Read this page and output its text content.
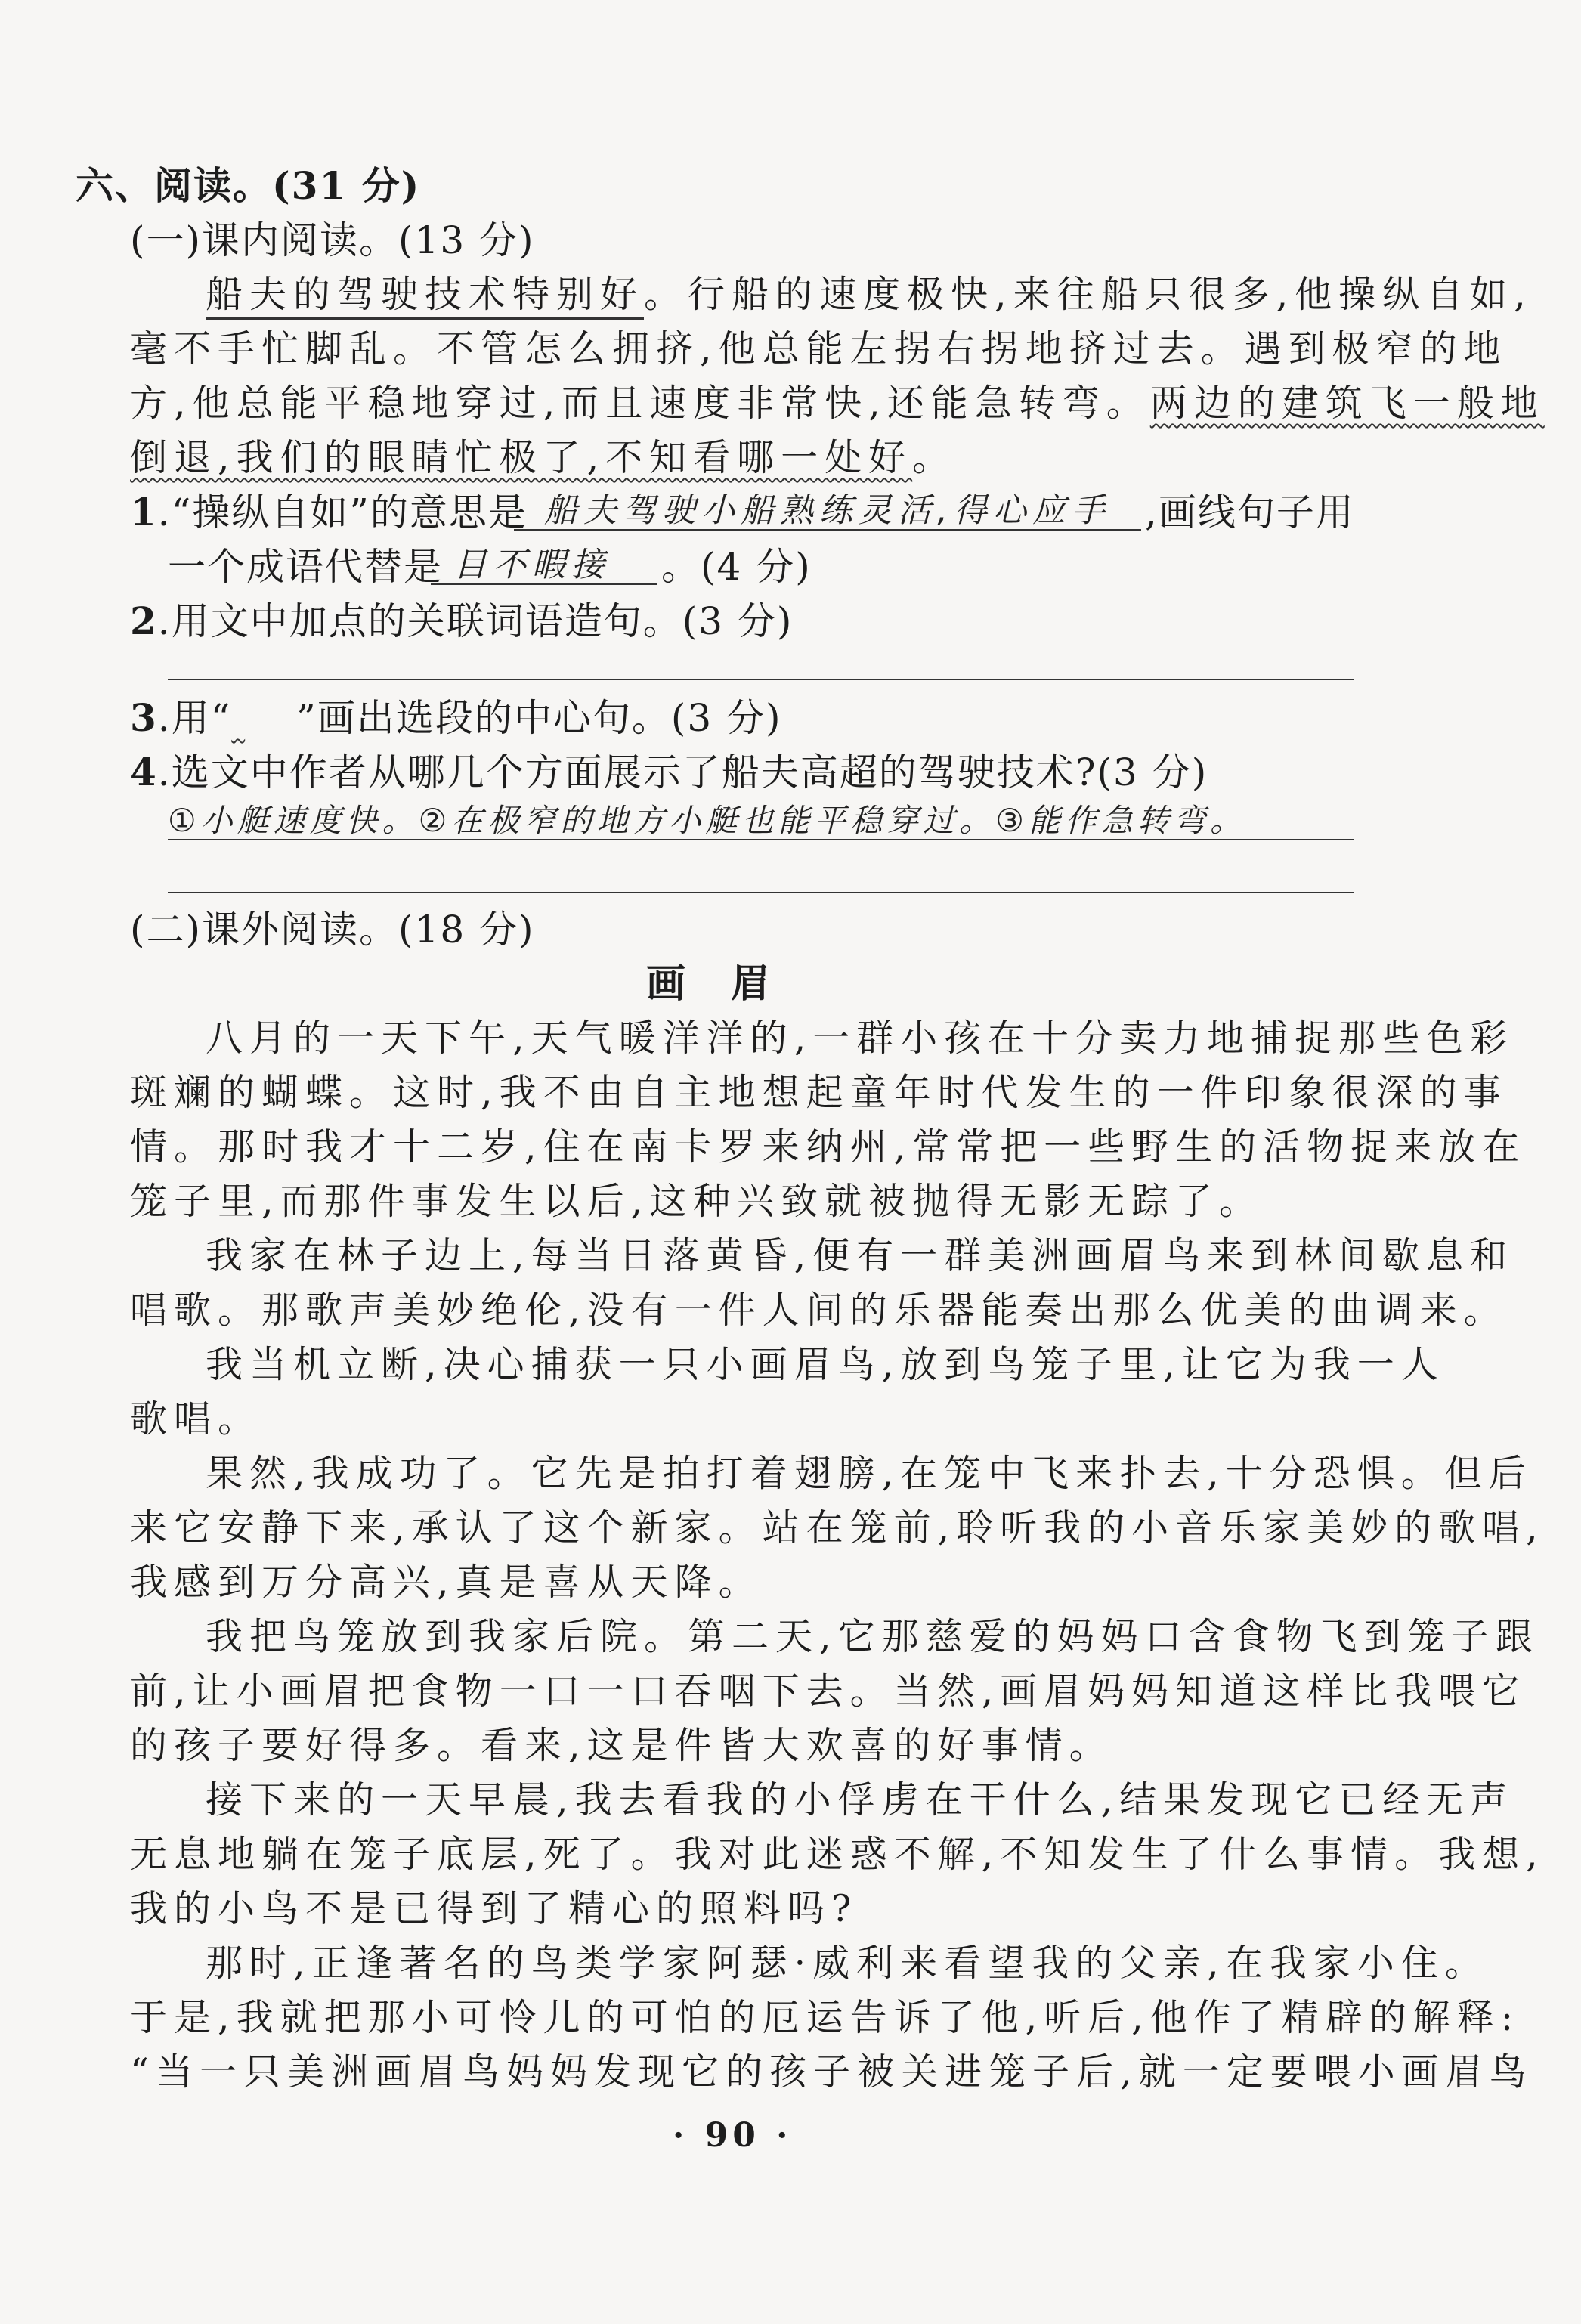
六、阅读。(31 分)
(一)课内阅读。(13 分)
船夫的驾驶技术特别好。行船的速度极快,来往船只很多,他操纵自如,
毫不手忙脚乱。不管怎么拥挤,他总能左拐右拐地挤过去。遇到极窄的地
方,他总能平稳地穿过,而且速度非常快,还能急转弯。两边的建筑飞一般地
倒退,我们的眼睛忙极了,不知看哪一处好。
1.“操纵自如”的意思是 船夫驾驶小船熟练灵活,得心应手 ,画线句子用
一个成语代替是 目不暇接 。(4 分)
2.用文中加点的关联词语造句。(3 分)
3.用“ ”画出选段的中心句。(3 分)
4.选文中作者从哪几个方面展示了船夫高超的驾驶技术?(3 分)
①小艇速度快。②在极窄的地方小艇也能平稳穿过。③能作急转弯。
(二)课外阅读。(18 分)
画眉
八月的一天下午,天气暖洋洋的,一群小孩在十分卖力地捕捉那些色彩
斑斓的蝴蝶。这时,我不由自主地想起童年时代发生的一件印象很深的事
情。那时我才十二岁,住在南卡罗来纳州,常常把一些野生的活物捉来放在
笼子里,而那件事发生以后,这种兴致就被抛得无影无踪了。
我家在林子边上,每当日落黄昏,便有一群美洲画眉鸟来到林间歇息和
唱歌。那歌声美妙绝伦,没有一件人间的乐器能奏出那么优美的曲调来。
我当机立断,决心捕获一只小画眉鸟,放到鸟笼子里,让它为我一人
歌唱。
果然,我成功了。它先是拍打着翅膀,在笼中飞来扑去,十分恐惧。但后
来它安静下来,承认了这个新家。站在笼前,聆听我的小音乐家美妙的歌唱,
我感到万分高兴,真是喜从天降。
我把鸟笼放到我家后院。第二天,它那慈爱的妈妈口含食物飞到笼子跟
前,让小画眉把食物一口一口吞咽下去。当然,画眉妈妈知道这样比我喂它
的孩子要好得多。看来,这是件皆大欢喜的好事情。
接下来的一天早晨,我去看我的小俘虏在干什么,结果发现它已经无声
无息地躺在笼子底层,死了。我对此迷惑不解,不知发生了什么事情。我想,
我的小鸟不是已得到了精心的照料吗?
那时,正逢著名的鸟类学家阿瑟·威利来看望我的父亲,在我家小住。
于是,我就把那小可怜儿的可怕的厄运告诉了他,听后,他作了精辟的解释:
“当一只美洲画眉鸟妈妈发现它的孩子被关进笼子后,就一定要喂小画眉鸟
· 90 ·
